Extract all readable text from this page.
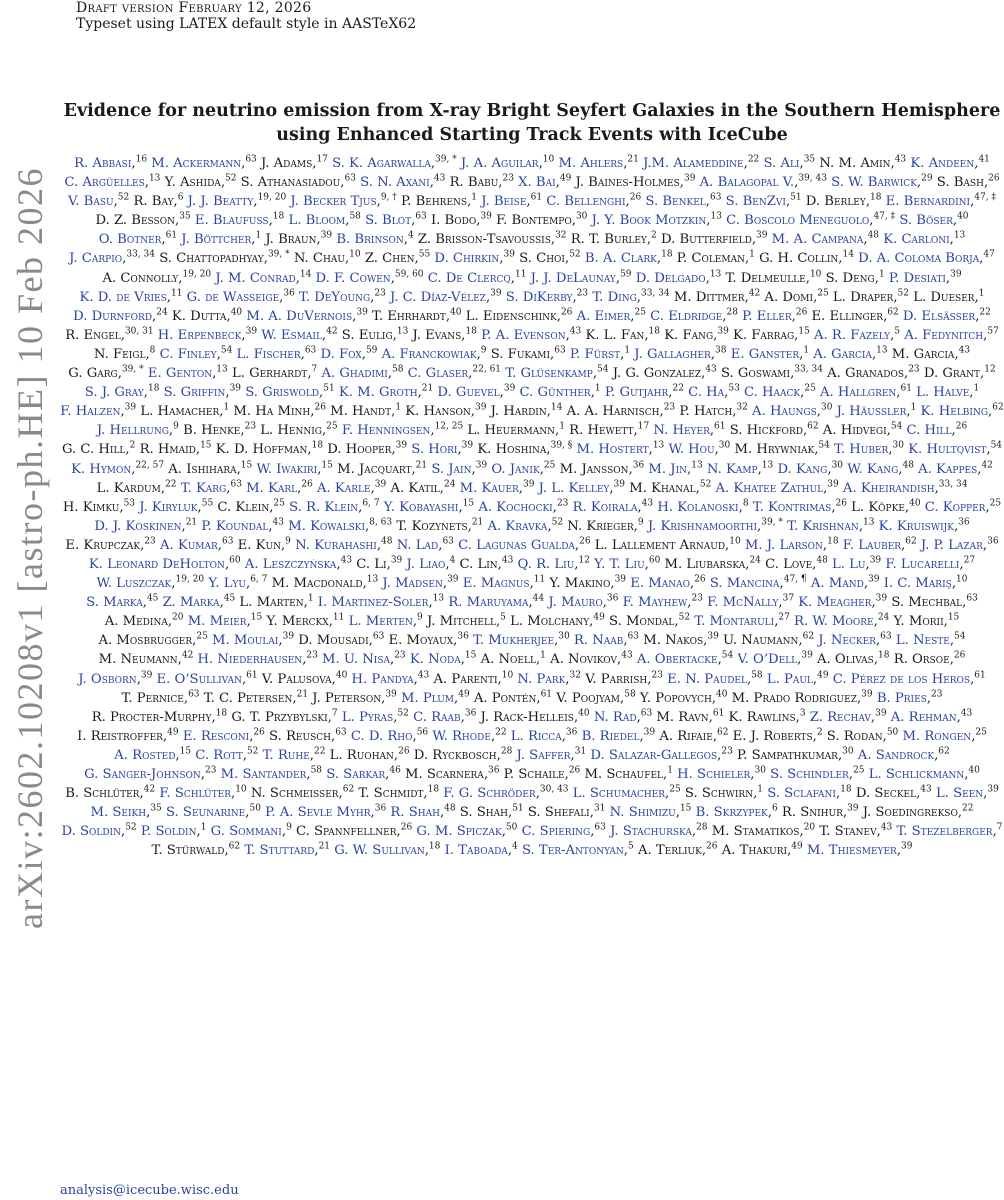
Draft version February 12, 2026
Typeset using LATEX default style in AASTeX62
arXiv:2602.10208v1 [astro-ph.HE] 10 Feb 2026
Evidence for neutrino emission from X-ray Bright Seyfert Galaxies in the Southern Hemisphere using Enhanced Starting Track Events with IceCube
R. Abbasi,$^{16}$ M. Ackermann,$^{63}$ J. Adams,$^{17}$ S. K. Agarwalla,$^{39, *}$ J. A. Aguilar,$^{10}$ M. Ahlers,$^{21}$ J.M. Alameddine,$^{22}$ S. Ali,$^{35}$ N. M. Amin,$^{43}$ K. Andeen,$^{41}$ C. Argüelles,$^{13}$ Y. Ashida,$^{52}$ S. Athanasiadou,$^{63}$ S. N. Axani,$^{43}$ R. Babu,$^{23}$ X. Bai,$^{49}$ J. Baines-Holmes,$^{39}$ A. Balagopal V.,$^{39, 43}$ S. W. Barwick,$^{29}$ S. Bash,$^{26}$ V. Basu,$^{52}$ R. Bay,$^6$ J. J. Beatty,$^{19, 20}$ J. Becker Tjus,$^{9, \dagger}$ P. Behrens,$^1$ J. Beise,$^{61}$ C. Bellenghi,$^{26}$ S. Benkel,$^{63}$ S. BenZvi,$^{51}$ D. Berley,$^{18}$ E. Bernardini,$^{47, \ddagger}$ D. Z. Besson,$^{35}$ E. Blaufuss,$^{18}$ L. Bloom,$^{58}$ S. Blot,$^{63}$ I. Bodo,$^{39}$ F. Bontempo,$^{30}$ J. Y. Book Motzkin,$^{13}$ C. Boscolo Meneguolo,$^{47, \ddagger}$ S. Böser,$^{40}$ O. Botner,$^{61}$ J. Böttcher,$^1$ J. Braun,$^{39}$ B. Brinson,$^4$ Z. Brisson-Tsavoussis,$^{32}$ R. T. Burley,$^2$ D. Butterfield,$^{39}$ M. A. Campana,$^{48}$ K. Carloni,$^{13}$ J. Carpio,$^{33, 34}$ S. Chattopadhyay,$^{39, *}$ N. Chau,$^{10}$ Z. Chen,$^{55}$ D. Chirkin,$^{39}$ S. Choi,$^{52}$ B. A. Clark,$^{18}$ P. Coleman,$^1$ G. H. Collin,$^{14}$ D. A. Coloma Borja,$^{47}$ A. Connolly,$^{19, 20}$ J. M. Conrad,$^{14}$ D. F. Cowen,$^{59, 60}$ C. De Clercq,$^{11}$ J. J. DeLaunay,$^{59}$ D. Delgado,$^{13}$ T. Delmeulle,$^{10}$ S. Deng,$^1$ P. Desiati,$^{39}$ K. D. de Vries,$^{11}$ G. de Wasseige,$^{36}$ T. DeYoung,$^{23}$ J. C. Díaz-Vélez,$^{39}$ S. DiKerby,$^{23}$ T. Ding,$^{33, 34}$ M. Dittmer,$^{42}$ A. Domi,$^{25}$ L. Draper,$^{52}$ L. Dueser,$^1$ D. Durnford,$^{24}$ K. Dutta,$^{40}$ M. A. DuVernois,$^{39}$ T. Ehrhardt,$^{40}$ L. Eidenschink,$^{26}$ A. Eimer,$^{25}$ C. Eldridge,$^{28}$ P. Eller,$^{26}$ E. Ellinger,$^{62}$ D. Elsässer,$^{22}$ R. Engel,$^{30, 31}$ H. Erpenbeck,$^{39}$ W. Esmail,$^{42}$ S. Eulig,$^{13}$ J. Evans,$^{18}$ P. A. Evenson,$^{43}$ K. L. Fan,$^{18}$ K. Fang,$^{39}$ K. Farrag,$^{15}$ A. R. Fazely,$^5$ A. Fedynitch,$^{57}$ N. Feigl,$^8$ C. Finley,$^{54}$ L. Fischer,$^{63}$ D. Fox,$^{59}$ A. Franckowiak,$^9$ S. Fukami,$^{63}$ P. Fürst,$^1$ J. Gallagher,$^{38}$ E. Ganster,$^1$ A. Garcia,$^{13}$ M. Garcia,$^{43}$ G. Garg,$^{39, *}$ E. Genton,$^{13}$ L. Gerhardt,$^7$ A. Ghadimi,$^{58}$ C. Glaser,$^{22, 61}$ T. Glüsenkamp,$^{54}$ J. G. Gonzalez,$^{43}$ S. Goswami,$^{33, 34}$ A. Granados,$^{23}$ D. Grant,$^{12}$ S. J. Gray,$^{18}$ S. Griffin,$^{39}$ S. Griswold,$^{51}$ K. M. Groth,$^{21}$ D. Guevel,$^{39}$ C. Günther,$^1$ P. Gutjahr,$^{22}$ C. Ha,$^{53}$ C. Haack,$^{25}$ A. Hallgren,$^{61}$ L. Halve,$^1$ F. Halzen,$^{39}$ L. Hamacher,$^1$ M. Ha Minh,$^{26}$ M. Handt,$^1$ K. Hanson,$^{39}$ J. Hardin,$^{14}$ A. A. Harnisch,$^{23}$ P. Hatch,$^{32}$ A. Haungs,$^{30}$ J. Häussler,$^1$ K. Helbing,$^{62}$ J. Hellrung,$^9$ B. Henke,$^{23}$ L. Hennig,$^{25}$ F. Henningsen,$^{12, 25}$ L. Heuermann,$^1$ R. Hewett,$^{17}$ N. Heyer,$^{61}$ S. Hickford,$^{62}$ A. Hidvegi,$^{54}$ C. Hill,$^{26}$ G. C. Hill,$^2$ R. Hmaid,$^{15}$ K. D. Hoffman,$^{18}$ D. Hooper,$^{39}$ S. Hori,$^{39}$ K. Hoshina,$^{39, \S}$ M. Hostert,$^{13}$ W. Hou,$^{30}$ M. Hrywniak,$^{54}$ T. Huber,$^{30}$ K. Hultqvist,$^{54}$ K. Hymon,$^{22, 57}$ A. Ishihara,$^{15}$ W. Iwakiri,$^{15}$ M. Jacquart,$^{21}$ S. Jain,$^{39}$ O. Janik,$^{25}$ M. Jansson,$^{36}$ M. Jin,$^{13}$ N. Kamp,$^{13}$ D. Kang,$^{30}$ W. Kang,$^{48}$ A. Kappes,$^{42}$ L. Kardum,$^{22}$ T. Karg,$^{63}$ M. Karl,$^{26}$ A. Karle,$^{39}$ A. Katil,$^{24}$ M. Kauer,$^{39}$ J. L. Kelley,$^{39}$ M. Khanal,$^{52}$ A. Khatee Zathul,$^{39}$ A. Kheirandish,$^{33, 34}$ H. Kimku,$^{53}$ J. Kiryluk,$^{55}$ C. Klein,$^{25}$ S. R. Klein,$^{6, 7}$ Y. Kobayashi,$^{15}$ A. Kochocki,$^{23}$ R. Koirala,$^{43}$ H. Kolanoski,$^8$ T. Kontrimas,$^{26}$ L. Köpke,$^{40}$ C. Kopper,$^{25}$ D. J. Koskinen,$^{21}$ P. Koundal,$^{43}$ M. Kowalski,$^{8, 63}$ T. Kozynets,$^{21}$ A. Kravka,$^{52}$ N. Krieger,$^9$ J. Krishnamoorthi,$^{39, *}$ T. Krishnan,$^{13}$ K. Kruiswijk,$^{36}$ E. Krupczak,$^{23}$ A. Kumar,$^{63}$ E. Kun,$^9$ N. Kurahashi,$^{48}$ N. Lad,$^{63}$ C. Lagunas Gualda,$^{26}$ L. Lallement Arnaud,$^{10}$ M. J. Larson,$^{18}$ F. Lauber,$^{62}$ J. P. Lazar,$^{36}$ K. Leonard DeHolton,$^{60}$ A. Leszczyńska,$^{43}$ C. Li,$^{39}$ J. Liao,$^4$ C. Lin,$^{43}$ Q. R. Liu,$^{12}$ Y. T. Liu,$^{60}$ M. Liubarska,$^{24}$ C. Love,$^{48}$ L. Lu,$^{39}$ F. Lucarelli,$^{27}$ W. Luszczak,$^{19, 20}$ Y. Lyu,$^{6, 7}$ M. Macdonald,$^{13}$ J. Madsen,$^{39}$ E. Magnus,$^{11}$ Y. Makino,$^{39}$ E. Manao,$^{26}$ S. Mancina,$^{47, \P}$ A. Mand,$^{39}$ I. C. Mariş,$^{10}$ S. Marka,$^{45}$ Z. Marka,$^{45}$ L. Marten,$^1$ I. Martinez-Soler,$^{13}$ R. Maruyama,$^{44}$ J. Mauro,$^{36}$ F. Mayhew,$^{23}$ F. McNally,$^{37}$ K. Meagher,$^{39}$ S. Mechbal,$^{63}$ A. Medina,$^{20}$ M. Meier,$^{15}$ Y. Merckx,$^{11}$ L. Merten,$^9$ J. Mitchell,$^5$ L. Molchany,$^{49}$ S. Mondal,$^{52}$ T. Montaruli,$^{27}$ R. W. Moore,$^{24}$ Y. Morii,$^{15}$ A. Mosbrugger,$^{25}$ M. Moulai,$^{39}$ D. Mousadi,$^{63}$ E. Moyaux,$^{36}$ T. Mukherjee,$^{30}$ R. Naab,$^{63}$ M. Nakos,$^{39}$ U. Naumann,$^{62}$ J. Necker,$^{63}$ L. Neste,$^{54}$ M. Neumann,$^{42}$ H. Niederhausen,$^{23}$ M. U. Nisa,$^{23}$ K. Noda,$^{15}$ A. Noell,$^1$ A. Novikov,$^{43}$ A. Obertacke,$^{54}$ V. O’Dell,$^{39}$ A. Olivas,$^{18}$ R. Orsoe,$^{26}$ J. Osborn,$^{39}$ E. O’Sullivan,$^{61}$ V. Palusova,$^{40}$ H. Pandya,$^{43}$ A. Parenti,$^{10}$ N. Park,$^{32}$ V. Parrish,$^{23}$ E. N. Paudel,$^{58}$ L. Paul,$^{49}$ C. Pérez de los Heros,$^{61}$ T. Pernice,$^{63}$ T. C. Petersen,$^{21}$ J. Peterson,$^{39}$ M. Plum,$^{49}$ A. Pontén,$^{61}$ V. Poojyam,$^{58}$ Y. Popovych,$^{40}$ M. Prado Rodriguez,$^{39}$ B. Pries,$^{23}$ R. Procter-Murphy,$^{18}$ G. T. Przybylski,$^7$ L. Pyras,$^{52}$ C. Raab,$^{36}$ J. Rack-Helleis,$^{40}$ N. Rad,$^{63}$ M. Ravn,$^{61}$ K. Rawlins,$^3$ Z. Rechav,$^{39}$ A. Rehman,$^{43}$ I. Reistroffer,$^{49}$ E. Resconi,$^{26}$ S. Reusch,$^{63}$ C. D. Rho,$^{56}$ W. Rhode,$^{22}$ L. Ricca,$^{36}$ B. Riedel,$^{39}$ A. Rifaie,$^{62}$ E. J. Roberts,$^2$ S. Rodan,$^{50}$ M. Rongen,$^{25}$ A. Rosted,$^{15}$ C. Rott,$^{52}$ T. Ruhe,$^{22}$ L. Ruohan,$^{26}$ D. Ryckbosch,$^{28}$ J. Saffer,$^{31}$ D. Salazar-Gallegos,$^{23}$ P. Sampathkumar,$^{30}$ A. Sandrock,$^{62}$ G. Sanger-Johnson,$^{23}$ M. Santander,$^{58}$ S. Sarkar,$^{46}$ M. Scarnera,$^{36}$ P. Schaile,$^{26}$ M. Schaufel,$^1$ H. Schieler,$^{30}$ S. Schindler,$^{25}$ L. Schlickmann,$^{40}$ B. Schlüter,$^{42}$ F. Schlüter,$^{10}$ N. Schmeisser,$^{62}$ T. Schmidt,$^{18}$ F. G. Schröder,$^{30, 43}$ L. Schumacher,$^{25}$ S. Schwirn,$^1$ S. Sclafani,$^{18}$ D. Seckel,$^{43}$ L. Seen,$^{39}$ M. Seikh,$^{35}$ S. Seunarine,$^{50}$ P. A. Sevle Myhr,$^{36}$ R. Shah,$^{48}$ S. Shah,$^{51}$ S. Shefali,$^{31}$ N. Shimizu,$^{15}$ B. Skrzypek,$^6$ R. Snihur,$^{39}$ J. Soedingrekso,$^{22}$ D. Soldin,$^{52}$ P. Soldin,$^1$ G. Sommani,$^9$ C. Spannfellner,$^{26}$ G. M. Spiczak,$^{50}$ C. Spiering,$^{63}$ J. Stachurska,$^{28}$ M. Stamatikos,$^{20}$ T. Stanev,$^{43}$ T. Stezelberger,$^7$ T. Stürwald,$^{62}$ T. Stuttard,$^{21}$ G. W. Sullivan,$^{18}$ I. Taboada,$^4$ S. Ter-Antonyan,$^5$ A. Terliuk,$^{26}$ A. Thakuri,$^{49}$ M. Thiesmeyer,$^{39}$
analysis@icecube.wisc.edu
